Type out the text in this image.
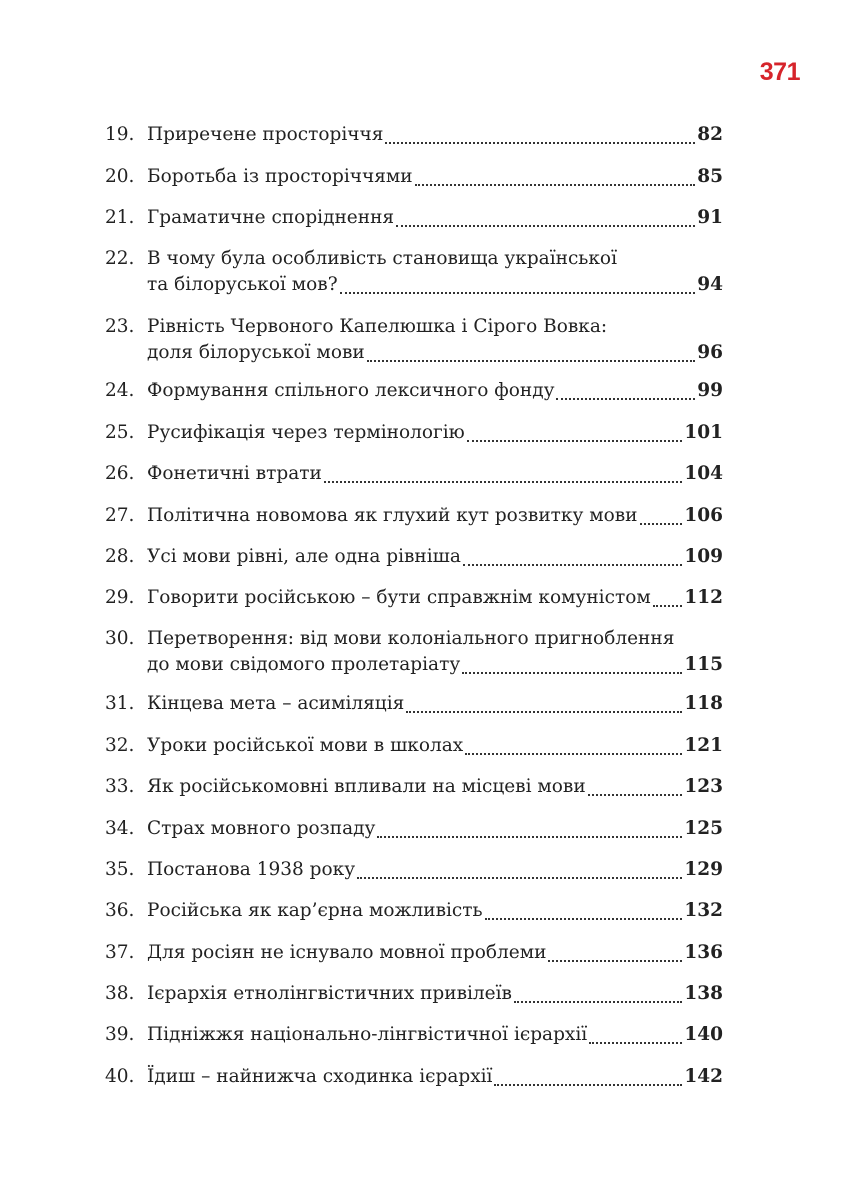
371
19. Приречене просторіччя	82
20. Боротьба із просторіччями	85
21. Граматичне споріднення	91
22. В чому була особливість становища української
та білоруської мов?	94
23. Рівність Червоного Капелюшка і Сірого Вовка:
доля білоруської мови	96
24. Формування спільного лексичного фонду	99
25. Русифікація через термінологію	101
26. Фонетичні втрати	104
27. Політична новомова як глухий кут розвитку мови	106
28. Усі мови рівні, але одна рівніша	109
29. Говорити російською – бути справжнім комуністом 112
30. Перетворення: від мови колоніального пригноблення
до мови свідомого пролетаріату	115
31. Кінцева мета – асиміляція	118
32. Уроки російської мови в школах	121
33. Як російськомовні впливали на місцеві мови	123
34. Страх мовного розпаду	125
35. Постанова 1938 року	129
36. Російська як кар’єрна можливість	132
37. Для росіян не існувало мовної проблеми	136
38. Ієрархія етнолінгвістичних привілеїв	138
39. Підніжжя національно-лінгвістичної ієрархії	140
40. Їдиш – найнижча сходинка ієрархії	142
